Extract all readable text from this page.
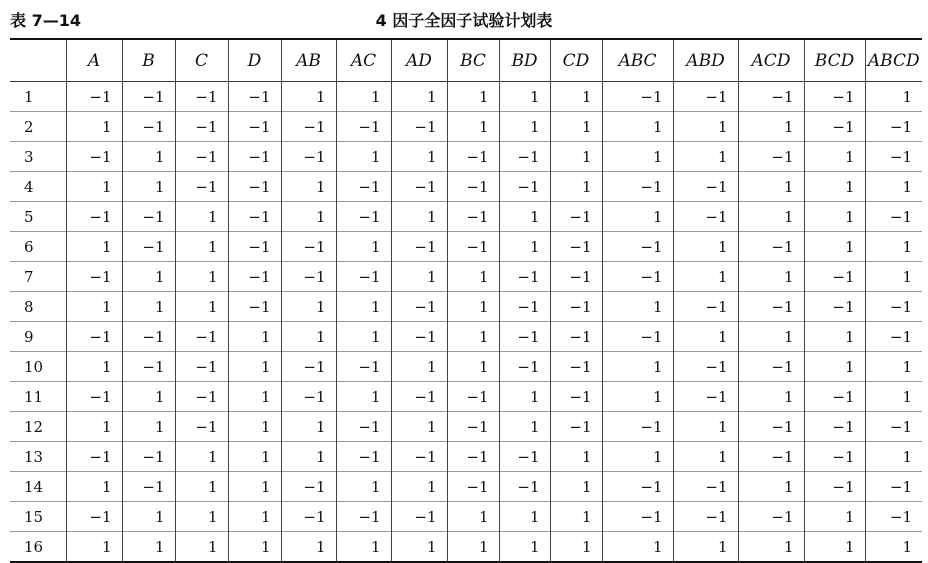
表 7—14	4 因子全因子试验计划表
	A	B	C	D	AB	AC	AD	BC	BD	CD	ABC	ABD	ACD	BCD	ABCD
1	−1	−1	−1	−1	1	1	1	1	1	1	−1	−1	−1	−1	1
2	1	−1	−1	−1	−1	−1	−1	1	1	1	1	1	1	−1	−1
3	−1	1	−1	−1	−1	1	1	−1	−1	1	1	1	−1	1	−1
4	1	1	−1	−1	1	−1	−1	−1	−1	1	−1	−1	1	1	1
5	−1	−1	1	−1	1	−1	1	−1	1	−1	1	−1	1	1	−1
6	1	−1	1	−1	−1	1	−1	−1	1	−1	−1	1	−1	1	1
7	−1	1	1	−1	−1	−1	1	1	−1	−1	−1	1	1	−1	1
8	1	1	1	−1	1	1	−1	1	−1	−1	1	−1	−1	−1	−1
9	−1	−1	−1	1	1	1	−1	1	−1	−1	−1	1	1	1	−1
10	1	−1	−1	1	−1	−1	1	1	−1	−1	1	−1	−1	1	1
11	−1	1	−1	1	−1	1	−1	−1	1	−1	1	−1	1	−1	1
12	1	1	−1	1	1	−1	1	−1	1	−1	−1	1	−1	−1	−1
13	−1	−1	1	1	1	−1	−1	−1	−1	1	1	1	−1	−1	1
14	1	−1	1	1	−1	1	1	−1	−1	1	−1	−1	1	−1	−1
15	−1	1	1	1	−1	−1	−1	1	1	1	−1	−1	−1	1	−1
16	1	1	1	1	1	1	1	1	1	1	1	1	1	1	1
